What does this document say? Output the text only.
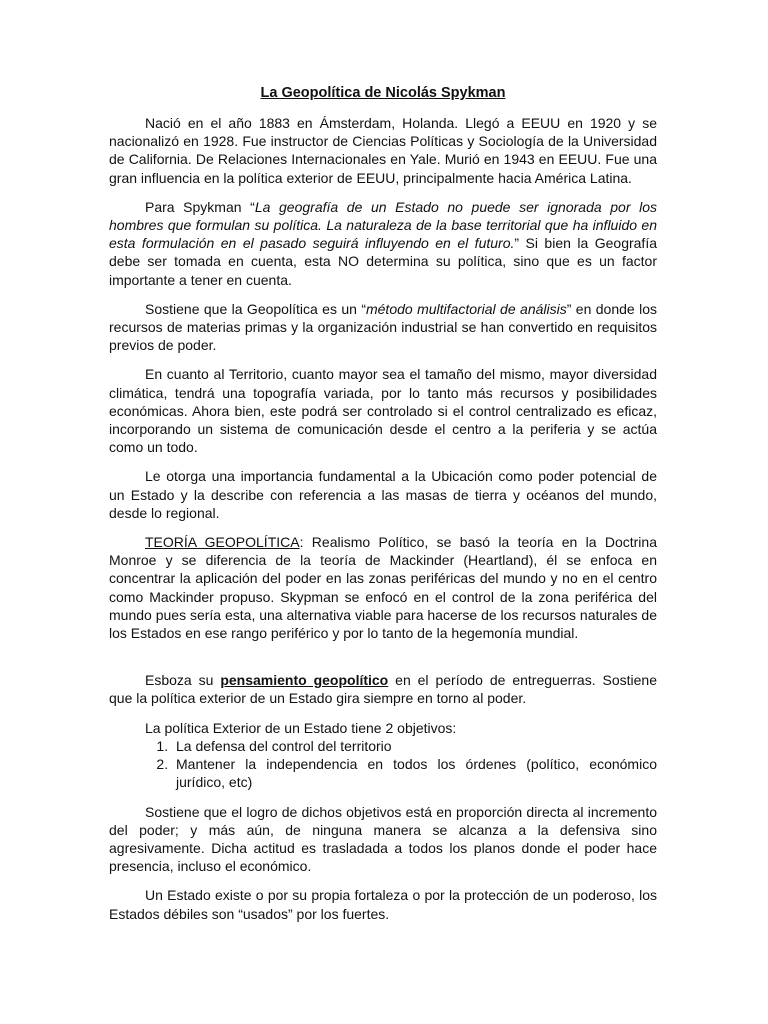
La Geopolítica de Nicolás Spykman

Nació en el año 1883 en Ámsterdam, Holanda. Llegó a EEUU en 1920 y se nacionalizó en 1928. Fue instructor de Ciencias Políticas y Sociología de la Universidad de California. De Relaciones Internacionales en Yale. Murió en 1943 en EEUU. Fue una gran influencia en la política exterior de EEUU, principalmente hacia América Latina.

Para Spykman “La geografía de un Estado no puede ser ignorada por los hombres que formulan su política. La naturaleza de la base territorial que ha influido en esta formulación en el pasado seguirá influyendo en el futuro.” Si bien la Geografía debe ser tomada en cuenta, esta NO determina su política, sino que es un factor importante a tener en cuenta.

Sostiene que la Geopolítica es un “método multifactorial de análisis” en donde los recursos de materias primas y la organización industrial se han convertido en requisitos previos de poder.

En cuanto al Territorio, cuanto mayor sea el tamaño del mismo, mayor diversidad climática, tendrá una topografía variada, por lo tanto más recursos y posibilidades económicas. Ahora bien, este podrá ser controlado si el control centralizado es eficaz, incorporando un sistema de comunicación desde el centro a la periferia y se actúa como un todo.

Le otorga una importancia fundamental a la Ubicación como poder potencial de un Estado y la describe con referencia a las masas de tierra y océanos del mundo, desde lo regional.

TEORÍA GEOPOLÍTICA: Realismo Político, se basó la teoría en la Doctrina Monroe y se diferencia de la teoría de Mackinder (Heartland), él se enfoca en concentrar la aplicación del poder en las zonas periféricas del mundo y no en el centro como Mackinder propuso. Skypman se enfocó en el control de la zona periférica del mundo pues sería esta, una alternativa viable para hacerse de los recursos naturales de los Estados en ese rango periférico y por lo tanto de la hegemonía mundial.

Esboza su pensamiento geopolítico en el período de entreguerras. Sostiene que la política exterior de un Estado gira siempre en torno al poder.

La política Exterior de un Estado tiene 2 objetivos:

1. La defensa del control del territorio
2. Mantener la independencia en todos los órdenes (político, económico jurídico, etc)

Sostiene que el logro de dichos objetivos está en proporción directa al incremento del poder; y más aún, de ninguna manera se alcanza a la defensiva sino agresivamente. Dicha actitud es trasladada a todos los planos donde el poder hace presencia, incluso el económico.

Un Estado existe o por su propia fortaleza o por la protección de un poderoso, los Estados débiles son “usados” por los fuertes.
